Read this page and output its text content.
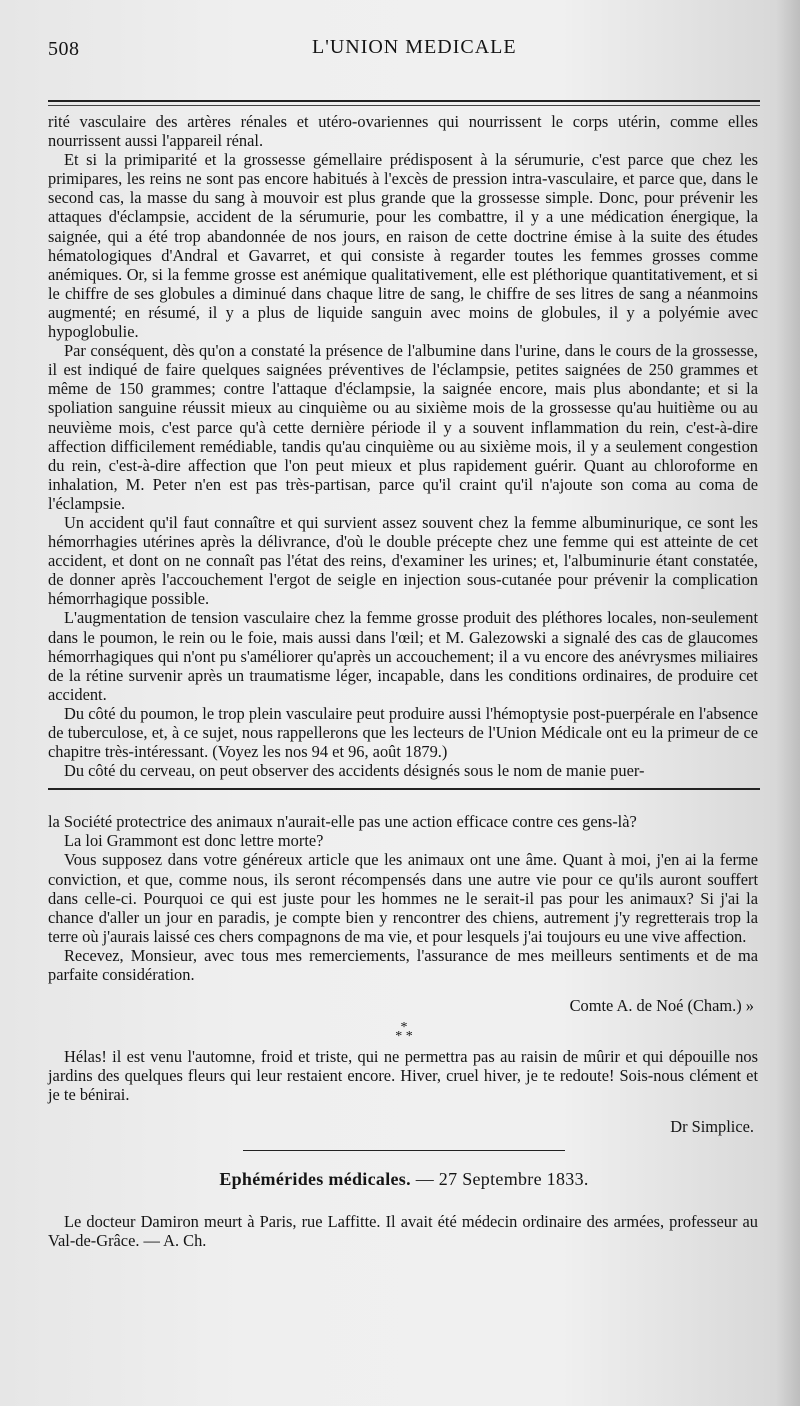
508	L'UNION MEDICALE

rité vasculaire des artères rénales et utéro-ovariennes qui nourrissent le corps utérin, comme elles nourrissent aussi l'appareil rénal.

Et si la primiparité et la grossesse gémellaire prédisposent à la sérumurie, c'est parce que chez les primipares, les reins ne sont pas encore habitués à l'excès de pression intra-vasculaire, et parce que, dans le second cas, la masse du sang à mouvoir est plus grande que la grossesse simple. Donc, pour prévenir les attaques d'éclampsie, accident de la sérumurie, pour les combattre, il y a une médication énergique, la saignée, qui a été trop abandonnée de nos jours, en raison de cette doctrine émise à la suite des études hématologiques d'Andral et Gavarret, et qui consiste à regarder toutes les femmes grosses comme anémiques. Or, si la femme grosse est anémique qualitativement, elle est pléthorique quantitativement, et si le chiffre de ses globules a diminué dans chaque litre de sang, le chiffre de ses litres de sang a néanmoins augmenté; en résumé, il y a plus de liquide sanguin avec moins de globules, il y a polyémie avec hypoglobulie.

Par conséquent, dès qu'on a constaté la présence de l'albumine dans l'urine, dans le cours de la grossesse, il est indiqué de faire quelques saignées préventives de l'éclampsie, petites saignées de 250 grammes et même de 150 grammes; contre l'attaque d'éclampsie, la saignée encore, mais plus abondante; et si la spoliation sanguine réussit mieux au cinquième ou au sixième mois de la grossesse qu'au huitième ou au neuvième mois, c'est parce qu'à cette dernière période il y a souvent inflammation du rein, c'est-à-dire affection difficilement remédiable, tandis qu'au cinquième ou au sixième mois, il y a seulement congestion du rein, c'est-à-dire affection que l'on peut mieux et plus rapidement guérir. Quant au chloroforme en inhalation, M. Peter n'en est pas très-partisan, parce qu'il craint qu'il n'ajoute son coma au coma de l'éclampsie.

Un accident qu'il faut connaître et qui survient assez souvent chez la femme albuminurique, ce sont les hémorrhagies utérines après la délivrance, d'où le double précepte chez une femme qui est atteinte de cet accident, et dont on ne connaît pas l'état des reins, d'examiner les urines; et, l'albuminurie étant constatée, de donner après l'accouchement l'ergot de seigle en injection sous-cutanée pour prévenir la complication hémorrhagique possible.

L'augmentation de tension vasculaire chez la femme grosse produit des pléthores locales, non-seulement dans le poumon, le rein ou le foie, mais aussi dans l'œil; et M. Galezowski a signalé des cas de glaucomes hémorrhagiques qui n'ont pu s'améliorer qu'après un accouchement; il a vu encore des anévrysmes miliaires de la rétine survenir après un traumatisme léger, incapable, dans les conditions ordinaires, de produire cet accident.

Du côté du poumon, le trop plein vasculaire peut produire aussi l'hémoptysie post-puerpérale en l'absence de tuberculose, et, à ce sujet, nous rappellerons que les lecteurs de l'Union Médicale ont eu la primeur de ce chapitre très-intéressant. (Voyez les nos 94 et 96, août 1879.)

Du côté du cerveau, on peut observer des accidents désignés sous le nom de manie puer-

la Société protectrice des animaux n'aurait-elle pas une action efficace contre ces gens-là?

La loi Grammont est donc lettre morte?

Vous supposez dans votre généreux article que les animaux ont une âme. Quant à moi, j'en ai la ferme conviction, et que, comme nous, ils seront récompensés dans une autre vie pour ce qu'ils auront souffert dans celle-ci. Pourquoi ce qui est juste pour les hommes ne le serait-il pas pour les animaux? Si j'ai la chance d'aller un jour en paradis, je compte bien y rencontrer des chiens, autrement j'y regretterais trop la terre où j'aurais laissé ces chers compagnons de ma vie, et pour lesquels j'ai toujours eu une vive affection.

Recevez, Monsieur, avec tous mes remerciements, l'assurance de mes meilleurs sentiments et de ma parfaite considération.

Comte A. de Noé (Cham.) »
*
* *

Hélas! il est venu l'automne, froid et triste, qui ne permettra pas au raisin de mûrir et qui dépouille nos jardins des quelques fleurs qui leur restaient encore. Hiver, cruel hiver, je te redoute! Sois-nous clément et je te bénirai.

Dr Simplice.
Ephémérides médicales. — 27 Septembre 1833.

Le docteur Damiron meurt à Paris, rue Laffitte. Il avait été médecin ordinaire des armées, professeur au Val-de-Grâce. — A. Ch.
